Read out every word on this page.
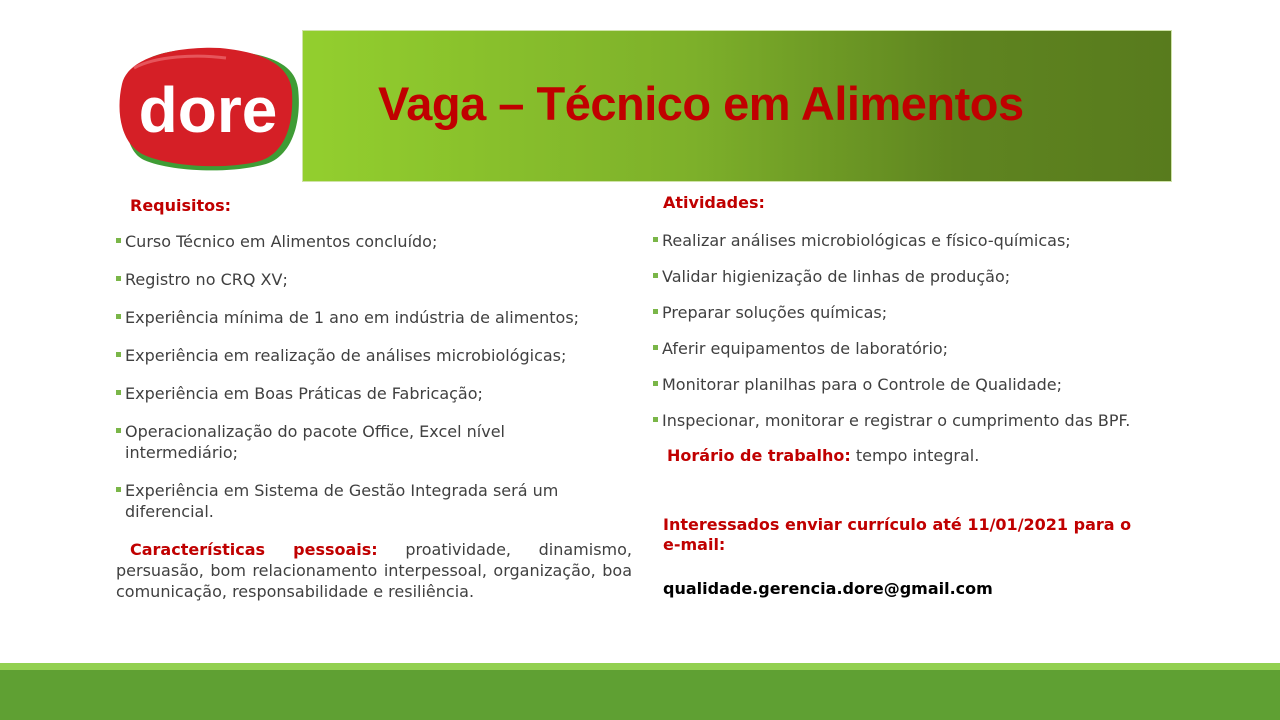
dore Vaga – Técnico em Alimentos

Requisitos:

Curso Técnico em Alimentos concluído;
Registro no CRQ XV;
Experiência mínima de 1 ano em indústria de alimentos;
Experiência em realização de análises microbiológicas;
Experiência em Boas Práticas de Fabricação;
Operacionalização do pacote Office, Excel nível intermediário;
Experiência em Sistema de Gestão Integrada será um diferencial.

Características pessoais: proatividade, dinamismo, persuasão, bom relacionamento interpessoal, organização, boa comunicação, responsabilidade e resiliência.

Atividades:

Realizar análises microbiológicas e físico-químicas;
Validar higienização de linhas de produção;
Preparar soluções químicas;
Aferir equipamentos de laboratório;
Monitorar planilhas para o Controle de Qualidade;
Inspecionar, monitorar e registrar o cumprimento das BPF.

Horário de trabalho: tempo integral.

Interessados enviar currículo até 11/01/2021 para o e-mail:

qualidade.gerencia.dore@gmail.com
